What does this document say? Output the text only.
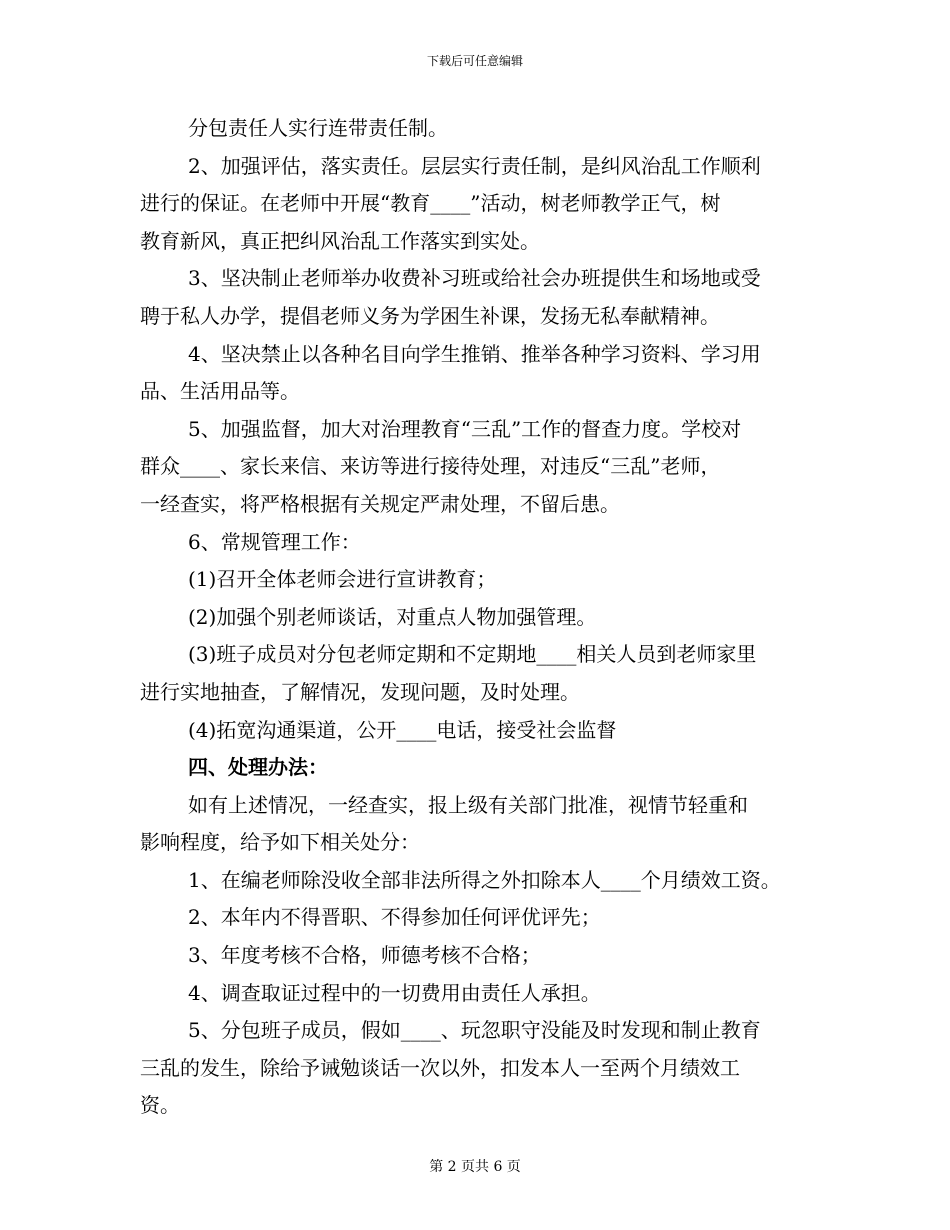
下载后可任意编辑
分包责任人实行连带责任制。
2、加强评估，落实责任。层层实行责任制，是纠风治乱工作顺利
进行的保证。在老师中开展“教育____”活动，树老师教学正气，树
教育新风，真正把纠风治乱工作落实到实处。
3、坚决制止老师举办收费补习班或给社会办班提供生和场地或受
聘于私人办学，提倡老师义务为学困生补课，发扬无私奉献精神。
4、坚决禁止以各种名目向学生推销、推举各种学习资料、学习用
品、生活用品等。
5、加强监督，加大对治理教育“三乱”工作的督查力度。学校对
群众____、家长来信、来访等进行接待处理，对违反“三乱”老师，
一经查实，将严格根据有关规定严肃处理，不留后患。
6、常规管理工作：
(1)召开全体老师会进行宣讲教育；
(2)加强个别老师谈话，对重点人物加强管理。
(3)班子成员对分包老师定期和不定期地____相关人员到老师家里
进行实地抽查，了解情况，发现问题，及时处理。
(4)拓宽沟通渠道，公开____电话，接受社会监督
四、处理办法：
如有上述情况，一经查实，报上级有关部门批准，视情节轻重和
影响程度，给予如下相关处分：
1、在编老师除没收全部非法所得之外扣除本人____个月绩效工资。
2、本年内不得晋职、不得参加任何评优评先；
3、年度考核不合格，师德考核不合格；
4、调查取证过程中的一切费用由责任人承担。
5、分包班子成员，假如____、玩忽职守没能及时发现和制止教育
三乱的发生，除给予诫勉谈话一次以外，扣发本人一至两个月绩效工
资。
第 2 页共 6 页
